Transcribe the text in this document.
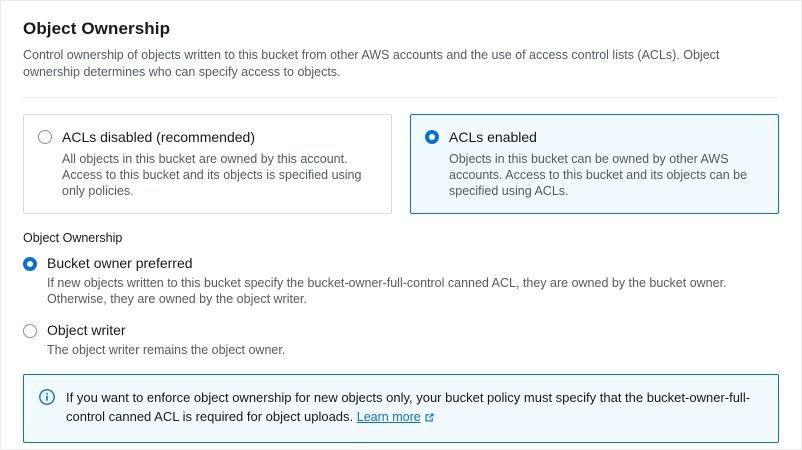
Object Ownership

Control ownership of objects written to this bucket from other AWS accounts and the use of access control lists (ACLs). Object ownership determines who can specify access to objects.

ACLs disabled (recommended)
All objects in this bucket are owned by this account. Access to this bucket and its objects is specified using only policies.
ACLs enabled
Objects in this bucket can be owned by other AWS accounts. Access to this bucket and its objects can be specified using ACLs.
Object Ownership
Bucket owner preferred
If new objects written to this bucket specify the bucket-owner-full-control canned ACL, they are owned by the bucket owner. Otherwise, they are owned by the object writer.
Object writer
The object writer remains the object owner.
If you want to enforce object ownership for new objects only, your bucket policy must specify that the bucket-owner-full-control canned ACL is required for object uploads. Learn more
